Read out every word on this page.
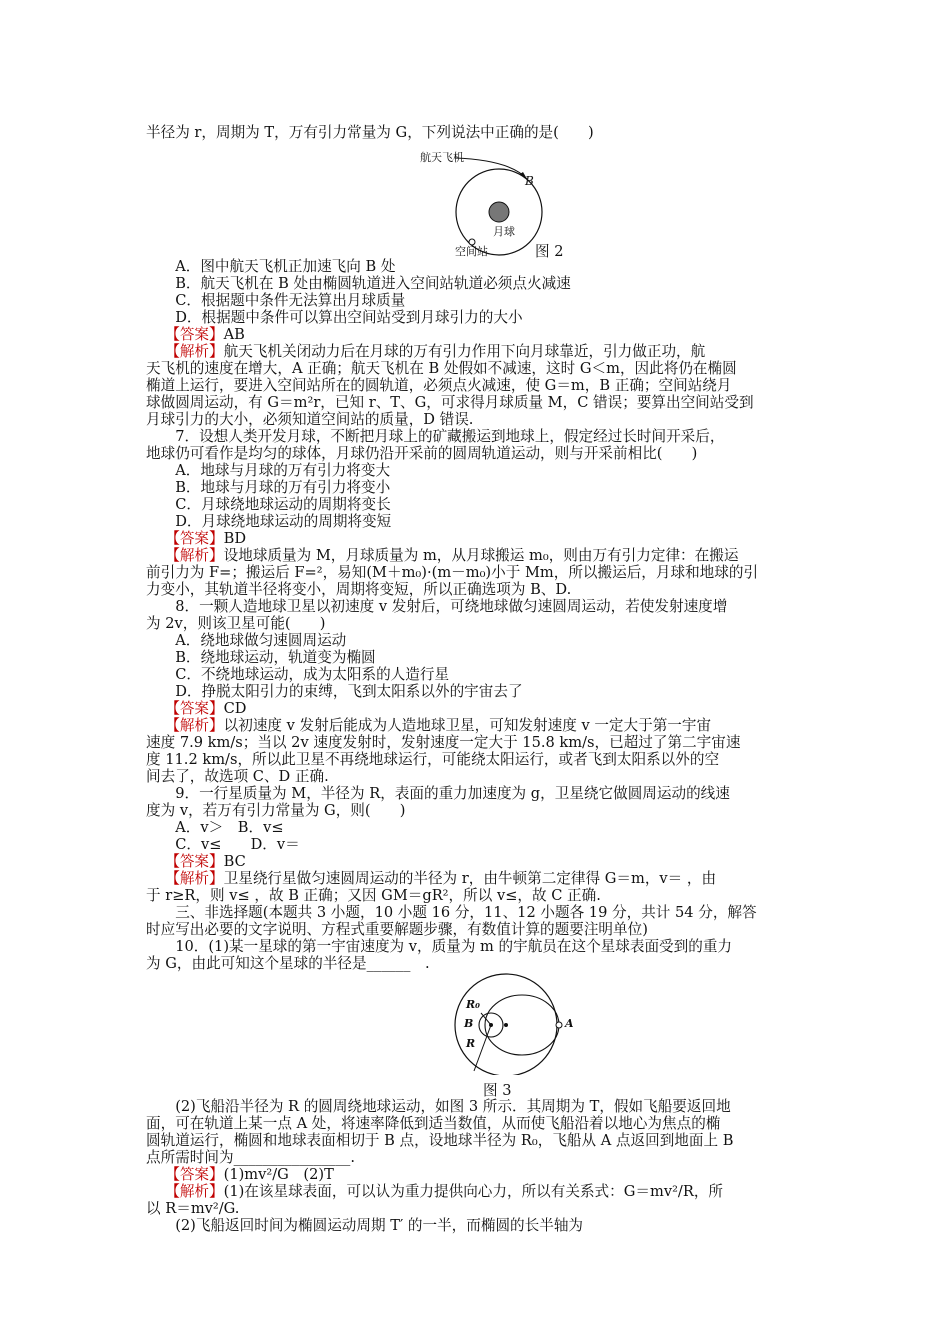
半径为 r，周期为 T，万有引力常量为 G，下列说法中正确的是(　　)
航天飞机
B
月球
空间站	图 2
　　A．图中航天飞机正加速飞向 B 处
　　B．航天飞机在 B 处由椭圆轨道进入空间站轨道必须点火减速
　　C．根据题中条件无法算出月球质量
　　D．根据题中条件可以算出空间站受到月球引力的大小
　 【答案】AB
　 【解析】航天飞机关闭动力后在月球的万有引力作用下向月球靠近，引力做正功，航
天飞机的速度在增大，A 正确；航天飞机在 B 处假如不减速，这时 G＜m，因此将仍在椭圆
椭道上运行，要进入空间站所在的圆轨道，必须点火减速，使 G＝m，B 正确；空间站绕月
球做圆周运动，有 G＝m²r，已知 r、T、G，可求得月球质量 M，C 错误；要算出空间站受到
月球引力的大小，必须知道空间站的质量，D 错误.
　　7．设想人类开发月球，不断把月球上的矿藏搬运到地球上，假定经过长时间开采后，
地球仍可看作是均匀的球体，月球仍沿开采前的圆周轨道运动，则与开采前相比(　　)
　　A．地球与月球的万有引力将变大
　　B．地球与月球的万有引力将变小
　　C．月球绕地球运动的周期将变长
　　D．月球绕地球运动的周期将变短
　 【答案】BD
　 【解析】设地球质量为 M，月球质量为 m，从月球搬运 m₀，则由万有引力定律：在搬运
前引力为 F=；搬运后 F=²，易知(M＋m₀)·(m－m₀)小于 Mm，所以搬运后，月球和地球的引
力变小，其轨道半径将变小，周期将变短，所以正确选项为 B、D.
　　8．一颗人造地球卫星以初速度 v 发射后，可绕地球做匀速圆周运动，若使发射速度增
为 2v，则该卫星可能(　　)
　　A．绕地球做匀速圆周运动
　　B．绕地球运动，轨道变为椭圆
　　C．不绕地球运动，成为太阳系的人造行星
　　D．挣脱太阳引力的束缚，飞到太阳系以外的宇宙去了
　 【答案】CD
　 【解析】以初速度 v 发射后能成为人造地球卫星，可知发射速度 v 一定大于第一宇宙
速度 7.9 km/s；当以 2v 速度发射时，发射速度一定大于 15.8 km/s，已超过了第二宇宙速
度 11.2 km/s，所以此卫星不再绕地球运行，可能绕太阳运行，或者飞到太阳系以外的空
间去了，故选项 C、D 正确.
　　9．一行星质量为 M，半径为 R，表面的重力加速度为 g，卫星绕它做圆周运动的线速
度为 v，若万有引力常量为 G，则(　　)
　　A．v＞　B．v≤
　　C．v≤　　D．v＝
　 【答案】BC
　 【解析】卫星绕行星做匀速圆周运动的半径为 r，由牛顿第二定律得 G＝m，v＝ ，由
于 r≥R，则 v≤ ，故 B 正确；又因 GM＝gR²，所以 v≤，故 C 正确.
　　三、非选择题(本题共 3 小题，10 小题 16 分，11、12 小题各 19 分，共计 54 分，解答
时应写出必要的文字说明、方程式重要解题步骤，有数值计算的题要注明单位)
　　10．(1)某一星球的第一宇宙速度为 v，质量为 m 的宇航员在这个星球表面受到的重力
为 G，由此可知这个星球的半径是______　.
R₀
B	A
R
图 3
　　(2)飞船沿半径为 R 的圆周绕地球运动，如图 3 所示．其周期为 T，假如飞船要返回地
面，可在轨道上某一点 A 处，将速率降低到适当数值，从而使飞船沿着以地心为焦点的椭
圆轨道运行，椭圆和地球表面相切于 B 点，设地球半径为 R₀，飞船从 A 点返回到地面上 B
点所需时间为________________.
　 【答案】(1)mv²/G　(2)T
　 【解析】(1)在该星球表面，可以认为重力提供向心力，所以有关系式：G＝mv²/R，所
以 R＝mv²/G.
　　(2)飞船返回时间为椭圆运动周期 T′ 的一半，而椭圆的长半轴为
